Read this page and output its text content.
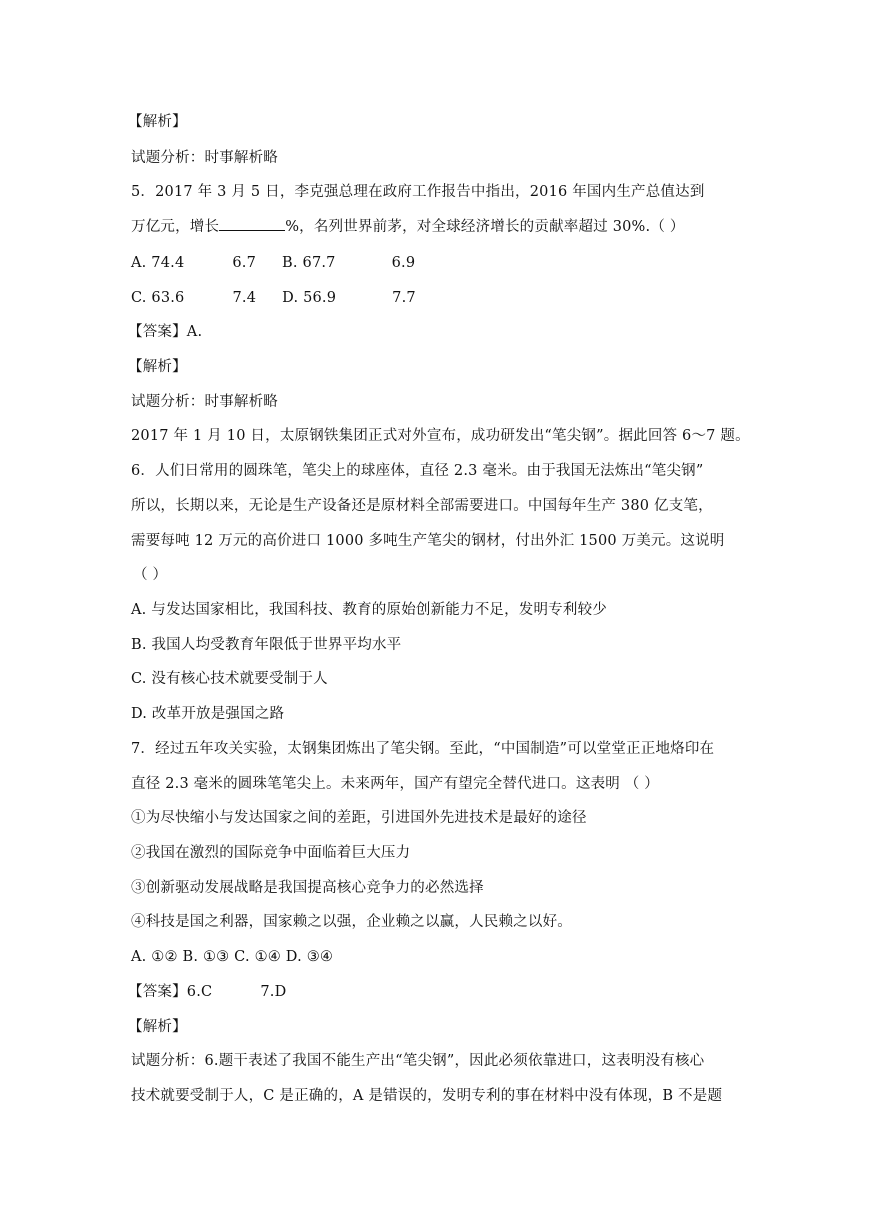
【解析】
试题分析：时事解析略
5．2017 年 3 月 5 日，李克强总理在政府工作报告中指出，2016 年国内生产总值达到
万亿元，增长	%，名列世界前茅，对全球经济增长的贡献率超过 30%.（ ）
A. 74.4	6.7 B. 67.7	6.9
C. 63.6	7.4 D. 56.9	7.7
【答案】A.
【解析】
试题分析：时事解析略
2017 年 1 月 10 日，太原钢铁集团正式对外宣布，成功研发出“笔尖钢”。据此回答 6～7 题。
6．人们日常用的圆珠笔，笔尖上的球座体，直径 2.3 毫米。由于我国无法炼出“笔尖钢”
所以，长期以来，无论是生产设备还是原材料全部需要进口。中国每年生产 380 亿支笔，
需要每吨 12 万元的高价进口 1000 多吨生产笔尖的钢材，付出外汇 1500 万美元。这说明
（ ）
A. 与发达国家相比，我国科技、教育的原始创新能力不足，发明专利较少
B. 我国人均受教育年限低于世界平均水平
C. 没有核心技术就要受制于人
D. 改革开放是强国之路
7．经过五年攻关实验，太钢集团炼出了笔尖钢。至此，“中国制造”可以堂堂正正地烙印在
直径 2.3 毫米的圆珠笔笔尖上。未来两年，国产有望完全替代进口。这表明 （ ）
①为尽快缩小与发达国家之间的差距，引进国外先进技术是最好的途径
②我国在激烈的国际竞争中面临着巨大压力
③创新驱动发展战略是我国提高核心竞争力的必然选择
④科技是国之利器，国家赖之以强，企业赖之以赢，人民赖之以好。
A. ①② B. ①③ C. ①④ D. ③④
【答案】6.C	7.D
【解析】
试题分析：6.题干表述了我国不能生产出“笔尖钢”，因此必须依靠进口，这表明没有核心
技术就要受制于人，C 是正确的，A 是错误的，发明专利的事在材料中没有体现，B 不是题
